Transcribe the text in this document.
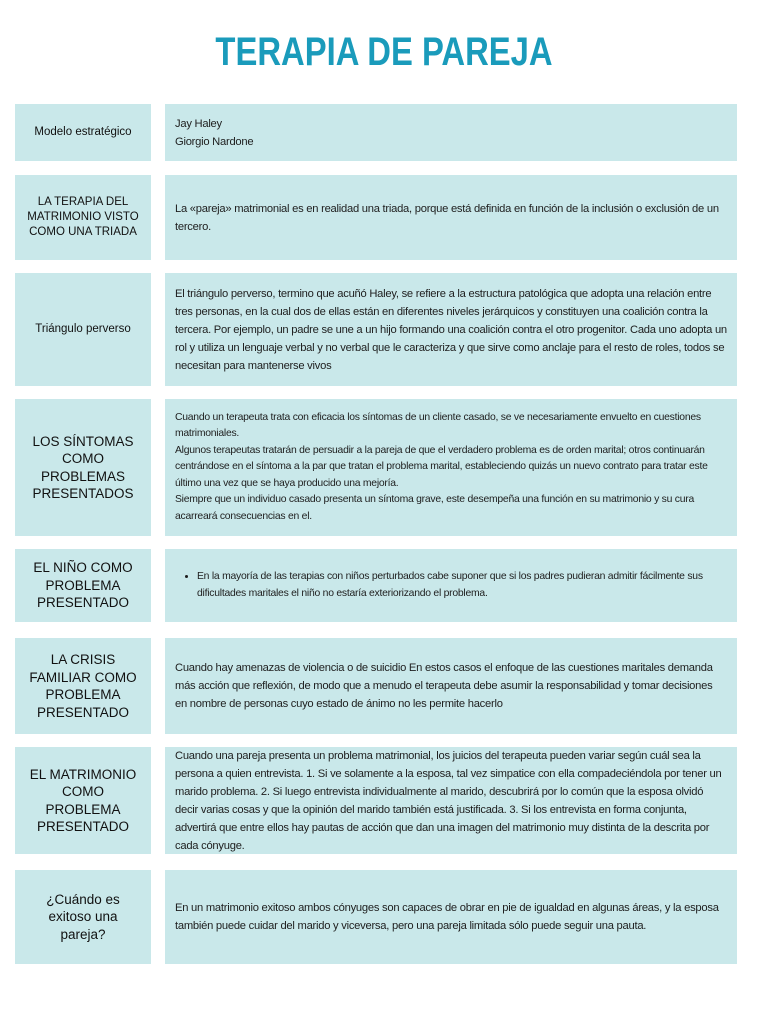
TERAPIA DE PAREJA
Modelo estratégico
Jay Haley
Giorgio Nardone
LA TERAPIA DEL MATRIMONIO VISTO COMO UNA TRIADA
La «pareja» matrimonial es en realidad una triada, porque está definida en función de la inclusión o exclusión de un tercero.
Triángulo perverso
El triángulo perverso, termino que acuñó Haley, se refiere a la estructura patológica que adopta una relación entre tres personas, en la cual dos de ellas están en diferentes niveles jerárquicos y constituyen una coalición contra la tercera. Por ejemplo, un padre se une a un hijo formando una coalición contra el otro progenitor. Cada uno adopta un rol y utiliza un lenguaje verbal y no verbal que le caracteriza y que sirve como anclaje para el resto de roles, todos se necesitan para mantenerse vivos
LOS SÍNTOMAS COMO PROBLEMAS PRESENTADOS
Cuando un terapeuta trata con eficacia los síntomas de un cliente casado, se ve necesariamente envuelto en cuestiones matrimoniales.
Algunos terapeutas tratarán de persuadir a la pareja de que el verdadero problema es de orden marital; otros continuarán centrándose en el síntoma a la par que tratan el problema marital, estableciendo quizás un nuevo contrato para tratar este último una vez que se haya producido una mejoría.
Siempre que un individuo casado presenta un síntoma grave, este desempeña una función en su matrimonio y su cura acarreará consecuencias en el.
EL NIÑO COMO PROBLEMA PRESENTADO
• En la mayoría de las terapias con niños perturbados cabe suponer que si los padres pudieran admitir fácilmente sus dificultades maritales el niño no estaría exteriorizando el problema.
LA CRISIS FAMILIAR COMO PROBLEMA PRESENTADO
Cuando hay amenazas de violencia o de suicidio En estos casos el enfoque de las cuestiones maritales demanda más acción que reflexión, de modo que a menudo el terapeuta debe asumir la responsabilidad y tomar decisiones en nombre de personas cuyo estado de ánimo no les permite hacerlo
EL MATRIMONIO COMO PROBLEMA PRESENTADO
Cuando una pareja presenta un problema matrimonial, los juicios del terapeuta pueden variar según cuál sea la persona a quien entrevista. 1. Si ve solamente a la esposa, tal vez simpatice con ella compadeciéndola por tener un marido problema. 2. Si luego entrevista individualmente al marido, descubrirá por lo común que la esposa olvidó decir varias cosas y que la opinión del marido también está justificada. 3. Si los entrevista en forma conjunta, advertirá que entre ellos hay pautas de acción que dan una imagen del matrimonio muy distinta de la descrita por cada cónyuge.
¿Cuándo es exitoso una pareja?
En un matrimonio exitoso ambos cónyuges son capaces de obrar en pie de igualdad en algunas áreas, y la esposa también puede cuidar del marido y viceversa, pero una pareja limitada sólo puede seguir una pauta.
